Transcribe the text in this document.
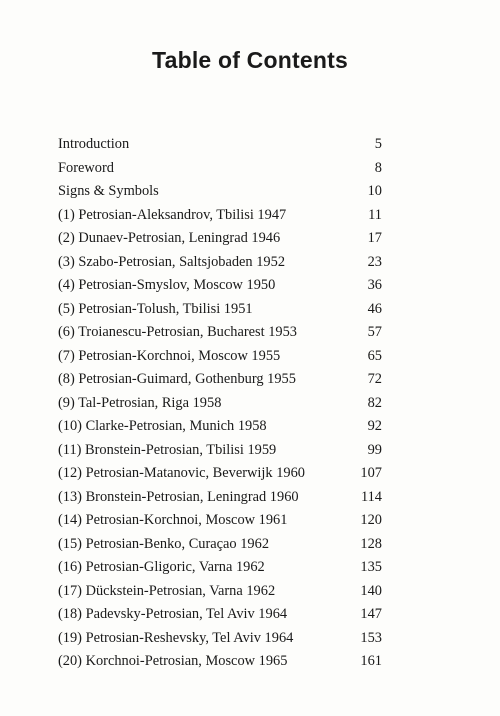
Table of Contents
Introduction	5
Foreword	8
Signs & Symbols	10
(1) Petrosian-Aleksandrov, Tbilisi 1947	11
(2) Dunaev-Petrosian, Leningrad 1946	17
(3) Szabo-Petrosian, Saltsjobaden 1952	23
(4) Petrosian-Smyslov, Moscow 1950	36
(5) Petrosian-Tolush, Tbilisi 1951	46
(6) Troianescu-Petrosian, Bucharest 1953	57
(7) Petrosian-Korchnoi, Moscow 1955	65
(8) Petrosian-Guimard, Gothenburg 1955	72
(9) Tal-Petrosian, Riga 1958	82
(10) Clarke-Petrosian, Munich 1958	92
(11) Bronstein-Petrosian, Tbilisi 1959	99
(12) Petrosian-Matanovic, Beverwijk 1960	107
(13) Bronstein-Petrosian, Leningrad 1960	114
(14) Petrosian-Korchnoi, Moscow 1961	120
(15) Petrosian-Benko, Curaçao 1962	128
(16) Petrosian-Gligoric, Varna 1962	135
(17) Dückstein-Petrosian, Varna 1962	140
(18) Padevsky-Petrosian, Tel Aviv 1964	147
(19) Petrosian-Reshevsky, Tel Aviv 1964	153
(20) Korchnoi-Petrosian, Moscow 1965	161
